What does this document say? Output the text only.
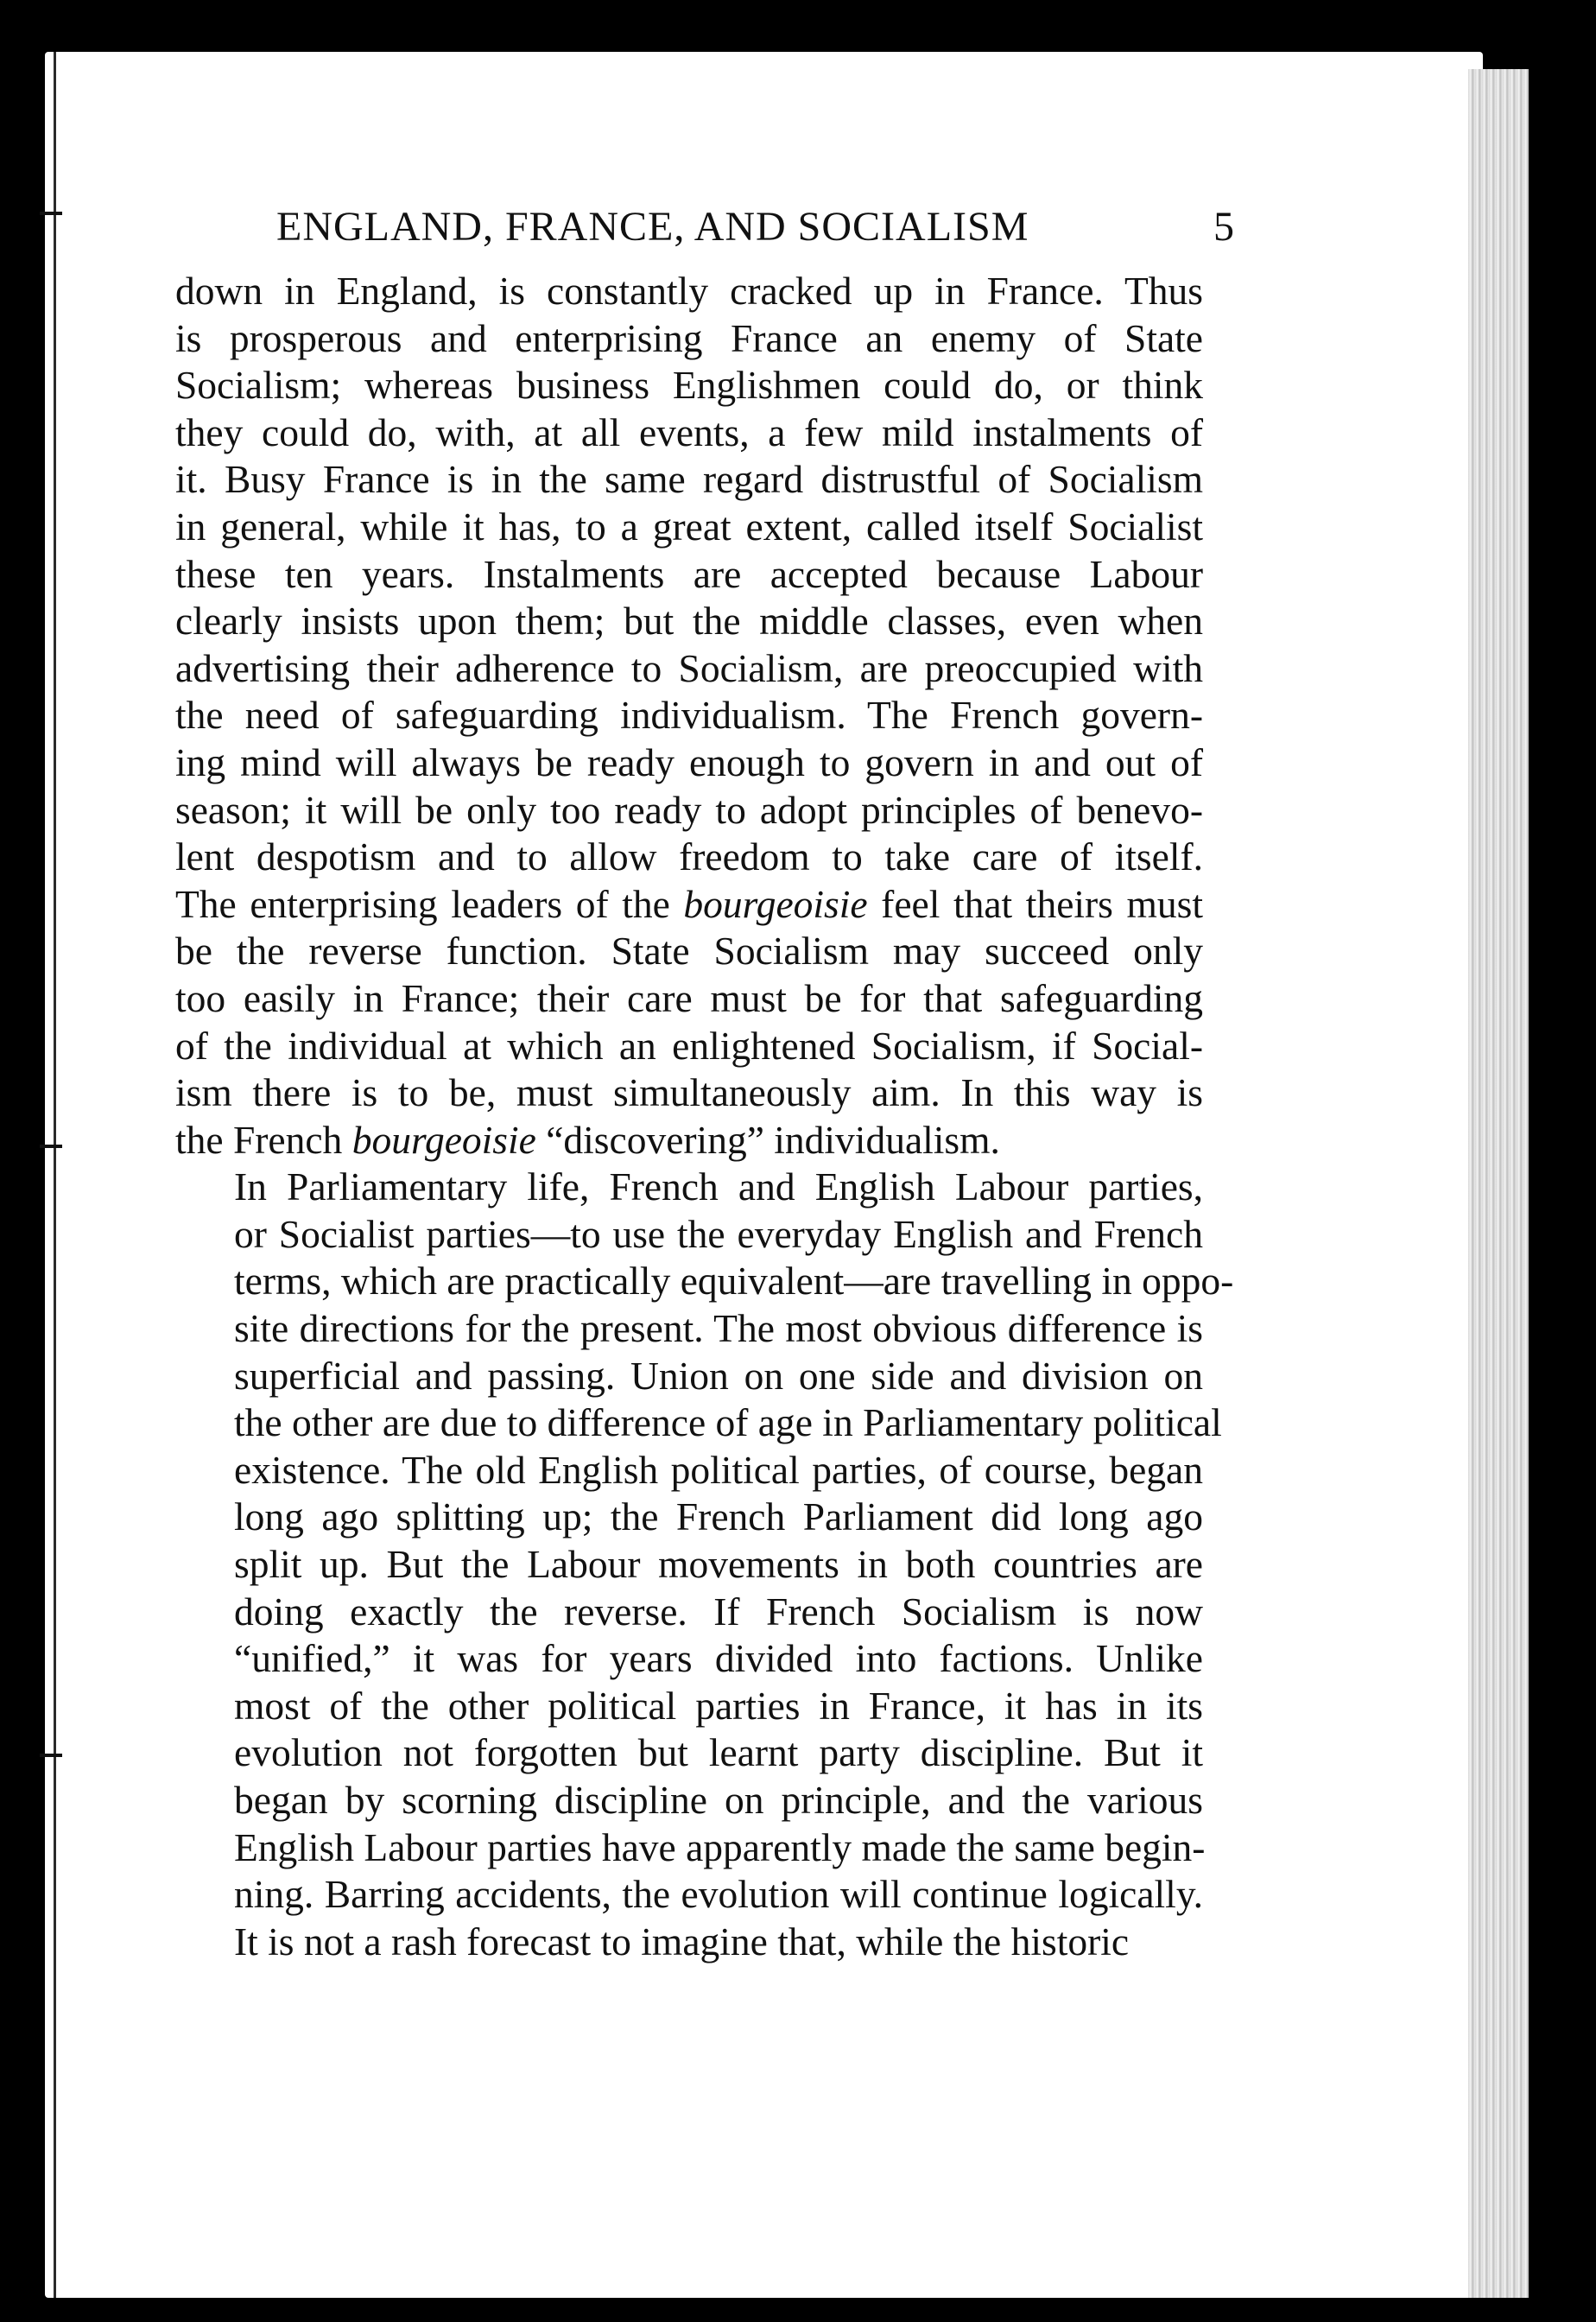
ENGLAND, FRANCE, AND SOCIALISM	5

down in England, is constantly cracked up in France. Thus
is prosperous and enterprising France an enemy of State
Socialism; whereas business Englishmen could do, or think
they could do, with, at all events, a few mild instalments of
it. Busy France is in the same regard distrustful of Socialism
in general, while it has, to a great extent, called itself Socialist
these ten years. Instalments are accepted because Labour
clearly insists upon them; but the middle classes, even when
advertising their adherence to Socialism, are preoccupied with
the need of safeguarding individualism. The French govern-
ing mind will always be ready enough to govern in and out of
season; it will be only too ready to adopt principles of benevo-
lent despotism and to allow freedom to take care of itself.
The enterprising leaders of the bourgeoisie feel that theirs must
be the reverse function. State Socialism may succeed only
too easily in France; their care must be for that safeguarding
of the individual at which an enlightened Socialism, if Social-
ism there is to be, must simultaneously aim. In this way is
the French bourgeoisie “discovering” individualism.

In Parliamentary life, French and English Labour parties,
or Socialist parties—to use the everyday English and French
terms, which are practically equivalent—are travelling in oppo-
site directions for the present. The most obvious difference is
superficial and passing. Union on one side and division on
the other are due to difference of age in Parliamentary political
existence. The old English political parties, of course, began
long ago splitting up; the French Parliament did long ago
split up. But the Labour movements in both countries are
doing exactly the reverse. If French Socialism is now
“unified,” it was for years divided into factions. Unlike
most of the other political parties in France, it has in its
evolution not forgotten but learnt party discipline. But it
began by scorning discipline on principle, and the various
English Labour parties have apparently made the same begin-
ning. Barring accidents, the evolution will continue logically.
It is not a rash forecast to imagine that, while the historic
